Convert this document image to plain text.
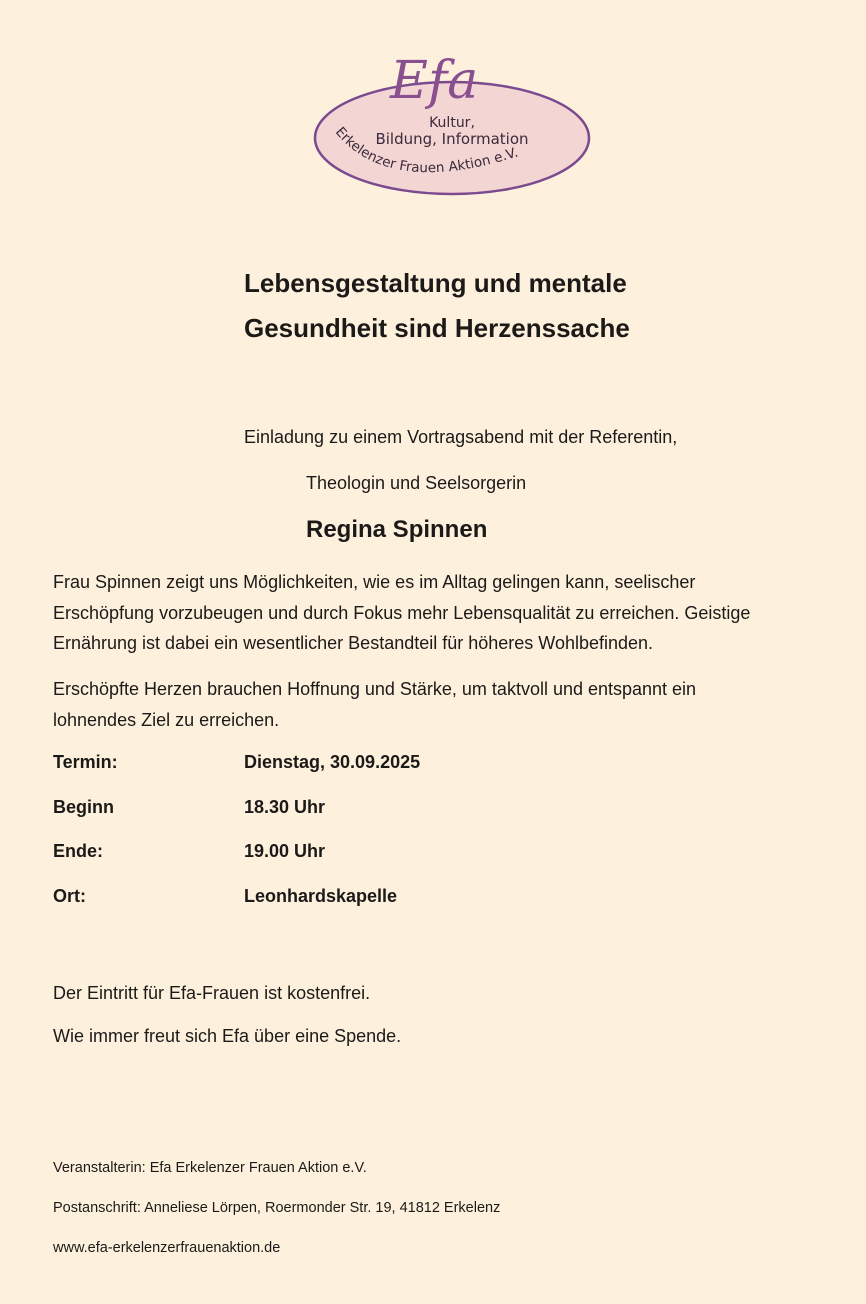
Efa
Kultur,
Bildung, Information
Erkelenzer Frauen Aktion e.V.
Lebensgestaltung und mentale
Gesundheit sind Herzenssache
Einladung zu einem Vortragsabend mit der Referentin,
Theologin und Seelsorgerin
Regina Spinnen
Frau Spinnen zeigt uns Möglichkeiten, wie es im Alltag gelingen kann, seelischer
Erschöpfung vorzubeugen und durch Fokus mehr Lebensqualität zu erreichen. Geistige
Ernährung ist dabei ein wesentlicher Bestandteil für höheres Wohlbefinden.
Erschöpfte Herzen brauchen Hoffnung und Stärke, um taktvoll und entspannt ein
lohnendes Ziel zu erreichen.
Termin:	Dienstag, 30.09.2025
Beginn	18.30 Uhr
Ende:	19.00 Uhr
Ort:	Leonhardskapelle
Der Eintritt für Efa-Frauen ist kostenfrei.
Wie immer freut sich Efa über eine Spende.
Veranstalterin: Efa Erkelenzer Frauen Aktion e.V.
Postanschrift: Anneliese Lörpen, Roermonder Str. 19, 41812 Erkelenz
www.efa-erkelenzerfrauenaktion.de
